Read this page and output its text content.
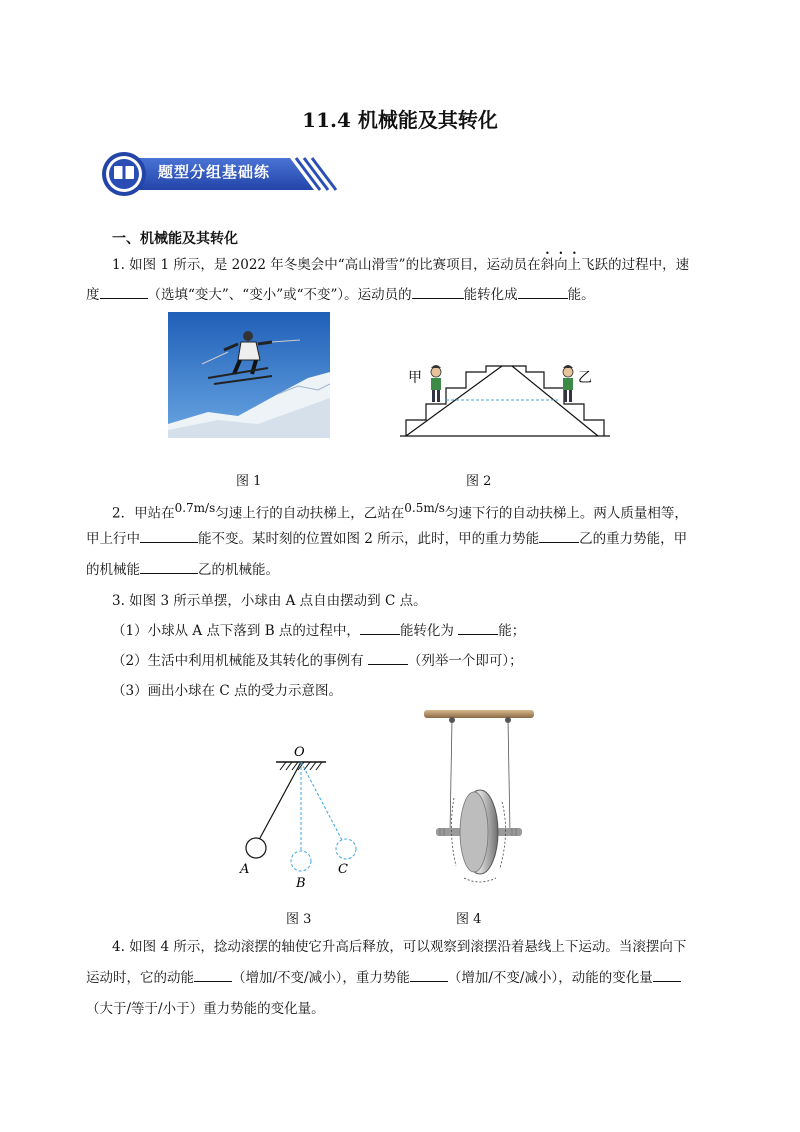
11.4 机械能及其转化
题型分组基础练
一、机械能及其转化
1. 如图 1 所示，是 2022 年冬奥会中“高山滑雪”的比赛项目，运动员在斜向上飞跃的过程中，速
度	（选填“变大”、“变小”或“不变”）。运动员的	能转化成	能。
甲	乙
图 1	图 2
2．甲站在$^{0.7m/s}$匀速上行的自动扶梯上，乙站在$^{0.5m/s}$匀速下行的自动扶梯上。两人质量相等，
甲上行中	能不变。某时刻的位置如图 2 所示，此时，甲的重力势能	乙的重力势能，甲
的机械能	乙的机械能。
3. 如图 3 所示单摆，小球由 A 点自由摆动到 C 点。
（1）小球从 A 点下落到 B 点的过程中，	能转化为	能；
（2）生活中利用机械能及其转化的事例有	（列举一个即可）；
（3）画出小球在 C 点的受力示意图。
O
A
B
C
图 3	图 4
4. 如图 4 所示，捻动滚摆的轴使它升高后释放，可以观察到滚摆沿着悬线上下运动。当滚摆向下
运动时，它的动能	（增加/不变/减小），重力势能	（增加/不变/减小），动能的变化量
（大于/等于/小于）重力势能的变化量。
